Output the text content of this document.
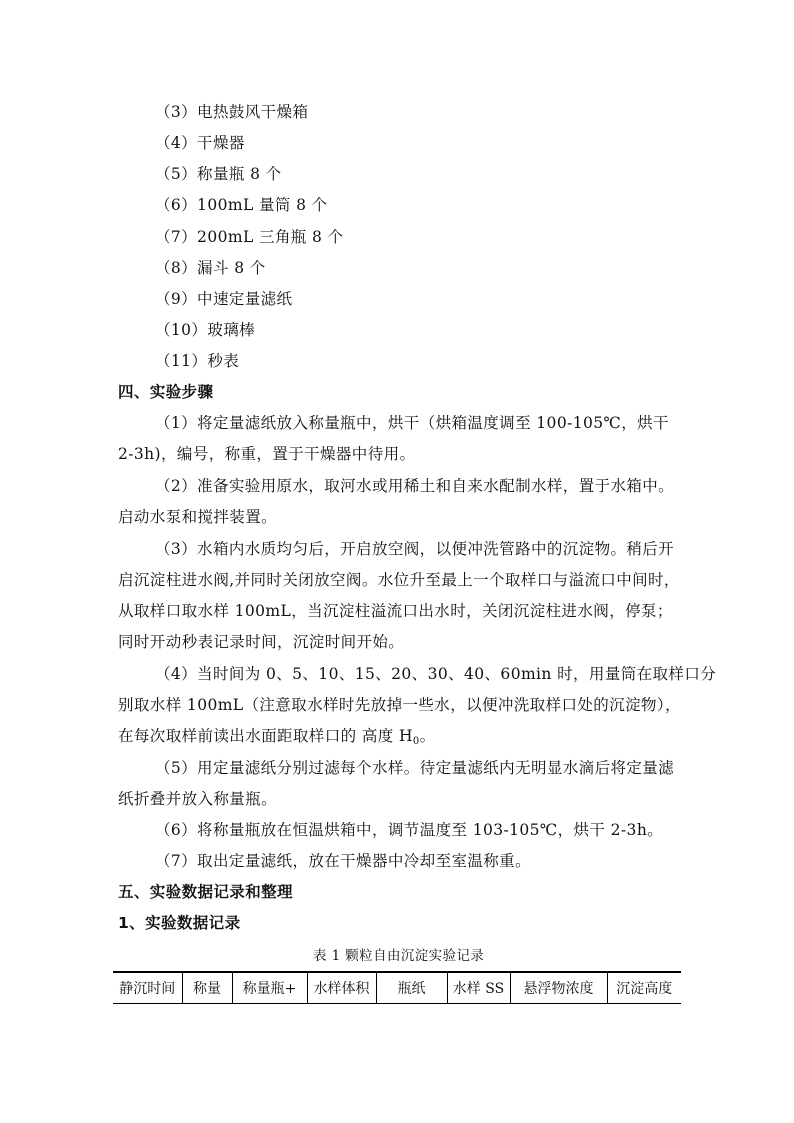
（3）电热鼓风干燥箱
（4）干燥器
（5）称量瓶 8 个
（6）100mL 量筒 8 个
（7）200mL 三角瓶 8 个
（8）漏斗 8 个
（9）中速定量滤纸
（10）玻璃棒
（11）秒表
四、实验步骤
（1）将定量滤纸放入称量瓶中，烘干（烘箱温度调至 100-105℃，烘干
2-3h)，编号，称重，置于干燥器中待用。
（2）准备实验用原水，取河水或用稀土和自来水配制水样，置于水箱中。
启动水泵和搅拌装置。
（3）水箱内水质均匀后，开启放空阀，以便冲洗管路中的沉淀物。稍后开
启沉淀柱进水阀,并同时关闭放空阀。水位升至最上一个取样口与溢流口中间时，
从取样口取水样 100mL，当沉淀柱溢流口出水时，关闭沉淀柱进水阀，停泵；
同时开动秒表记录时间，沉淀时间开始。
（4）当时间为 0、5、10、15、20、30、40、60min 时，用量筒在取样口分
别取水样 100mL（注意取水样时先放掉一些水，以便冲洗取样口处的沉淀物），
在每次取样前读出水面距取样口的 高度 $H_0$。
（5）用定量滤纸分别过滤每个水样。待定量滤纸内无明显水滴后将定量滤
纸折叠并放入称量瓶。
（6）将称量瓶放在恒温烘箱中，调节温度至 103-105℃，烘干 2-3h。
（7）取出定量滤纸，放在干燥器中冷却至室温称重。
五、实验数据记录和整理
1、实验数据记录
表 1 颗粒自由沉淀实验记录
静沉时间	称量	称量瓶+	水样体积	瓶纸	水样 SS	悬浮物浓度	沉淀高度
